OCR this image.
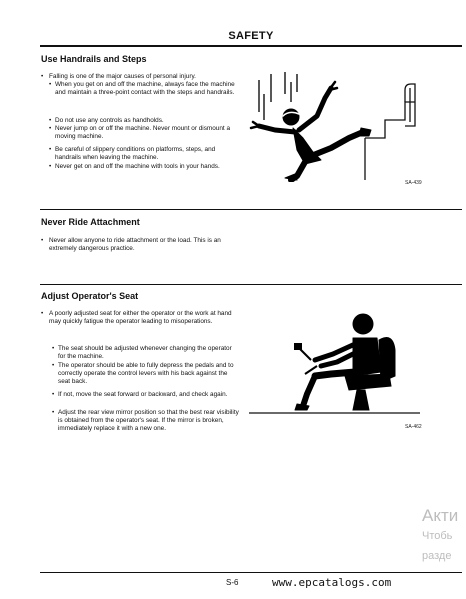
SAFETY
Use Handrails and Steps
• Falling is one of the major causes of personal injury.
• When you get on and off the machine, always face the machine and maintain a three-point contact with the steps and handrails.
• Do not use any controls as handholds.
• Never jump on or off the machine. Never mount or dismount a moving machine.
• Be careful of slippery conditions on platforms, steps, and handrails when leaving the machine.
• Never get on and off the machine with tools in your hands.
SA-439
Never Ride Attachment
• Never allow anyone to ride attachment or the load. This is an extremely dangerous practice.
Adjust Operator's Seat
• A poorly adjusted seat for either the operator or the work at hand may quickly fatigue the operator leading to misoperations.
• The seat should be adjusted whenever changing the operator for the machine.
• The operator should be able to fully depress the pedals and to correctly operate the control levers with his back against the seat back.
• If not, move the seat forward or backward, and check again.
• Adjust the rear view mirror position so that the best rear visibility is obtained from the operator's seat. If the mirror is broken, immediately replace it with a new one.	SA-462
S-6	www.epcatalogs.com
Акти
Чтобь
разде
